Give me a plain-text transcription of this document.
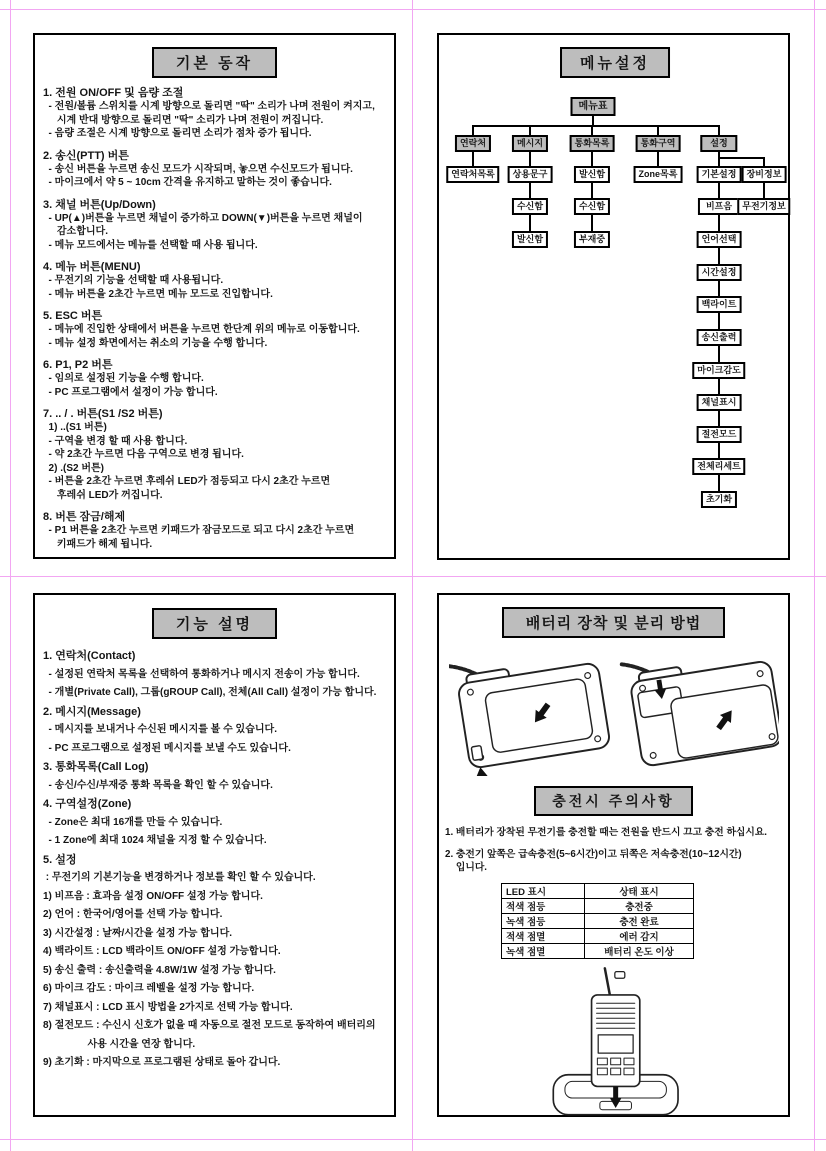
기본 동작
1. 전원 ON/OFF 및 음량 조절
- 전원/볼륨 스위치를 시계 방향으로 돌리면 "딱" 소리가 나며 전원이 켜지고,
시계 반대 방향으로 돌리면 "딱" 소리가 나며 전원이 꺼집니다.
- 음량 조절은 시계 방향으로 돌리면 소리가 점차 증가 됩니다.
2. 송신(PTT) 버튼
- 송신 버튼을 누르면 송신 모드가 시작되며, 놓으면 수신모드가 됩니다.
- 마이크에서 약 5 ~ 10cm 간격을 유지하고 말하는 것이 좋습니다.
3. 채널 버튼(Up/Down)
- UP(▲)버튼을 누르면 채널이 증가하고 DOWN(▼)버튼을 누르면 채널이
감소합니다.
- 메뉴 모드에서는 메뉴를 선택할 때 사용 됩니다.
4. 메뉴 버튼(MENU)
- 무전기의 기능을 선택할 때 사용됩니다.
- 메뉴 버튼을 2초간 누르면 메뉴 모드로 진입합니다.
5. ESC 버튼
- 메뉴에 진입한 상태에서 버튼을 누르면 한단계 위의 메뉴로 이동합니다.
- 메뉴 설정 화면에서는 취소의 기능을 수행 합니다.
6. P1, P2 버튼
- 임의로 설정된 기능을 수행 합니다.
- PC 프로그램에서 설정이 가능 합니다.
7. .. / . 버튼(S1 /S2 버튼)
1) ..(S1 버튼)
- 구역을 변경 할 때 사용 합니다.
- 약 2초간 누르면 다음 구역으로 변경 됩니다.
2) .(S2 버튼)
- 버튼을 2초간 누르면 후레쉬 LED가 점등되고 다시 2초간 누르면
후레쉬 LED가 꺼집니다.
8. 버튼 잠금/해제
- P1 버튼을 2초간 누르면 키패드가 잠금모드로 되고 다시 2초간 누르면
키패드가 해제 됩니다.
메뉴설정
메뉴표
연락처	메시지	통화목록	통화구역	설정
연락처목록	상용문구	발신함	Zone목록	기본설정	장비정보
수신함	수신함	비프음	무전기정보
발신함	부재중	언어선택
시간설정
백라이트
송신출력
마이크감도
채널표시
절전모드
전체리세트
초기화
기능 설명
1. 연락처(Contact)
- 설정된 연락처 목록을 선택하여 통화하거나 메시지 전송이 가능 합니다.
- 개별(Private Call), 그룹(gROUP Call), 전체(All Call) 설정이 가능 합니다.
2. 메시지(Message)
- 메시지를 보내거나 수신된 메시지를 볼 수 있습니다.
- PC 프로그램으로 설정된 메시지를 보낼 수도 있습니다.
3. 통화목록(Call Log)
- 송신/수신/부재중 통화 목록을 확인 할 수 있습니다.
4. 구역설정(Zone)
- Zone은 최대 16개를 만들 수 있습니다.
- 1 Zone에 최대 1024 채널을 지정 할 수 있습니다.
5. 설정
: 무전기의 기본기능을 변경하거나 정보를 확인 할 수 있습니다.
1) 비프음 : 효과음 설정 ON/OFF 설정 가능 합니다.
2) 언어 : 한국어/영어를 선택 가능 합니다.
3) 시간설정 : 날짜/시간을 설정 가능 합니다.
4) 백라이트 : LCD 백라이트 ON/OFF 설정 가능합니다.
5) 송신 출력 : 송신출력을 4.8W/1W 설정 가능 합니다.
6) 마이크 감도 : 마이크 레벨을 설정 가능 합니다.
7) 채널표시 : LCD 표시 방법을 2가지로 선택 가능 합니다.
8) 절전모드 : 수신시 신호가 없을 때 자동으로 절전 모드로 동작하여 배터리의
사용 시간을 연장 합니다.
9) 초기화 : 마지막으로 프로그램된 상태로 돌아 갑니다.
배터리 장착 및 분리 방법
충전시 주의사항
1. 배터리가 장착된 무전기를 충전할 때는 전원을 반드시 끄고 충전 하십시요.
2. 충전기 앞쪽은 급속충전(5~6시간)이고 뒤쪽은 저속충전(10~12시간)
입니다.
LED 표시	상태 표시
적색 점등	충전중
녹색 점등	충전 완료
적색 점멸	에러 감지
녹색 점멸	배터리 온도 이상
